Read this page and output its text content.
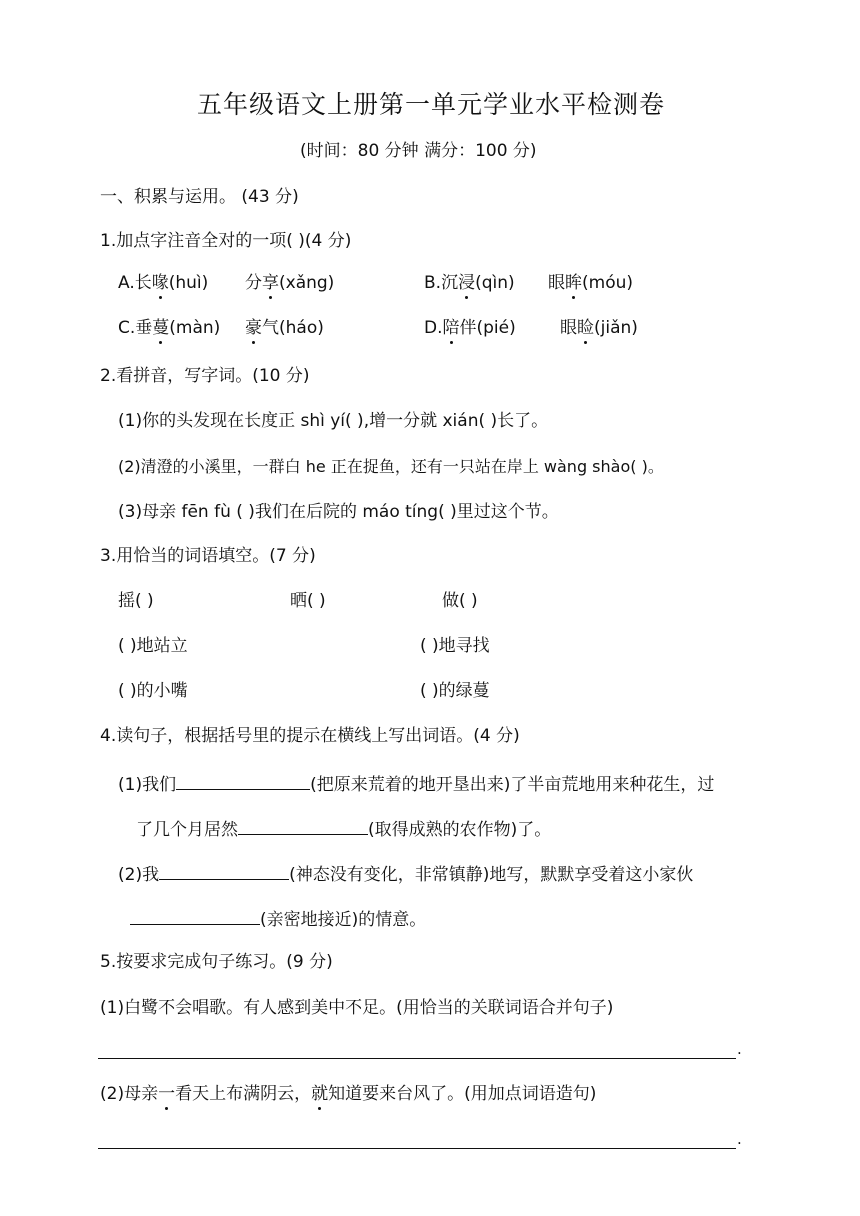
五年级语文上册第一单元学业水平检测卷
(时间：80 分钟 满分：100 分)
一、积累与运用。 (43 分)
1.加点字注音全对的一项( )(4 分)
A.长喙(huì) 分享(xǎng)	B.沉浸(qìn) 眼眸(móu)
C.垂蔓(màn) 豪气(háo)	D.陪伴(pié)	眼睑(jiǎn)
2.看拼音，写字词。(10 分)
(1)你的头发现在长度正 shì yí( ),增一分就 xián( )长了。
(2)清澄的小溪里，一群白 he 正在捉鱼，还有一只站在岸上 wàng shào( )。
(3)母亲 fēn fù ( )我们在后院的 máo tíng( )里过这个节。
3.用恰当的词语填空。(7 分)
摇( )	晒( )	做( )
( )地站立	( )地寻找
( )的小嘴	( )的绿蔓
4.读句子，根据括号里的提示在横线上写出词语。(4 分)
(1)我们	(把原来荒着的地开垦出来)了半亩荒地用来种花生，过
了几个月居然	(取得成熟的农作物)了。
(2)我	(神态没有变化，非常镇静)地写，默默享受着这小家伙
(亲密地接近)的情意。
5.按要求完成句子练习。(9 分)
(1)白鹭不会唱歌。有人感到美中不足。(用恰当的关联词语合并句子)
.
(2)母亲一看天上布满阴云，就知道要来台风了。(用加点词语造句)
.
